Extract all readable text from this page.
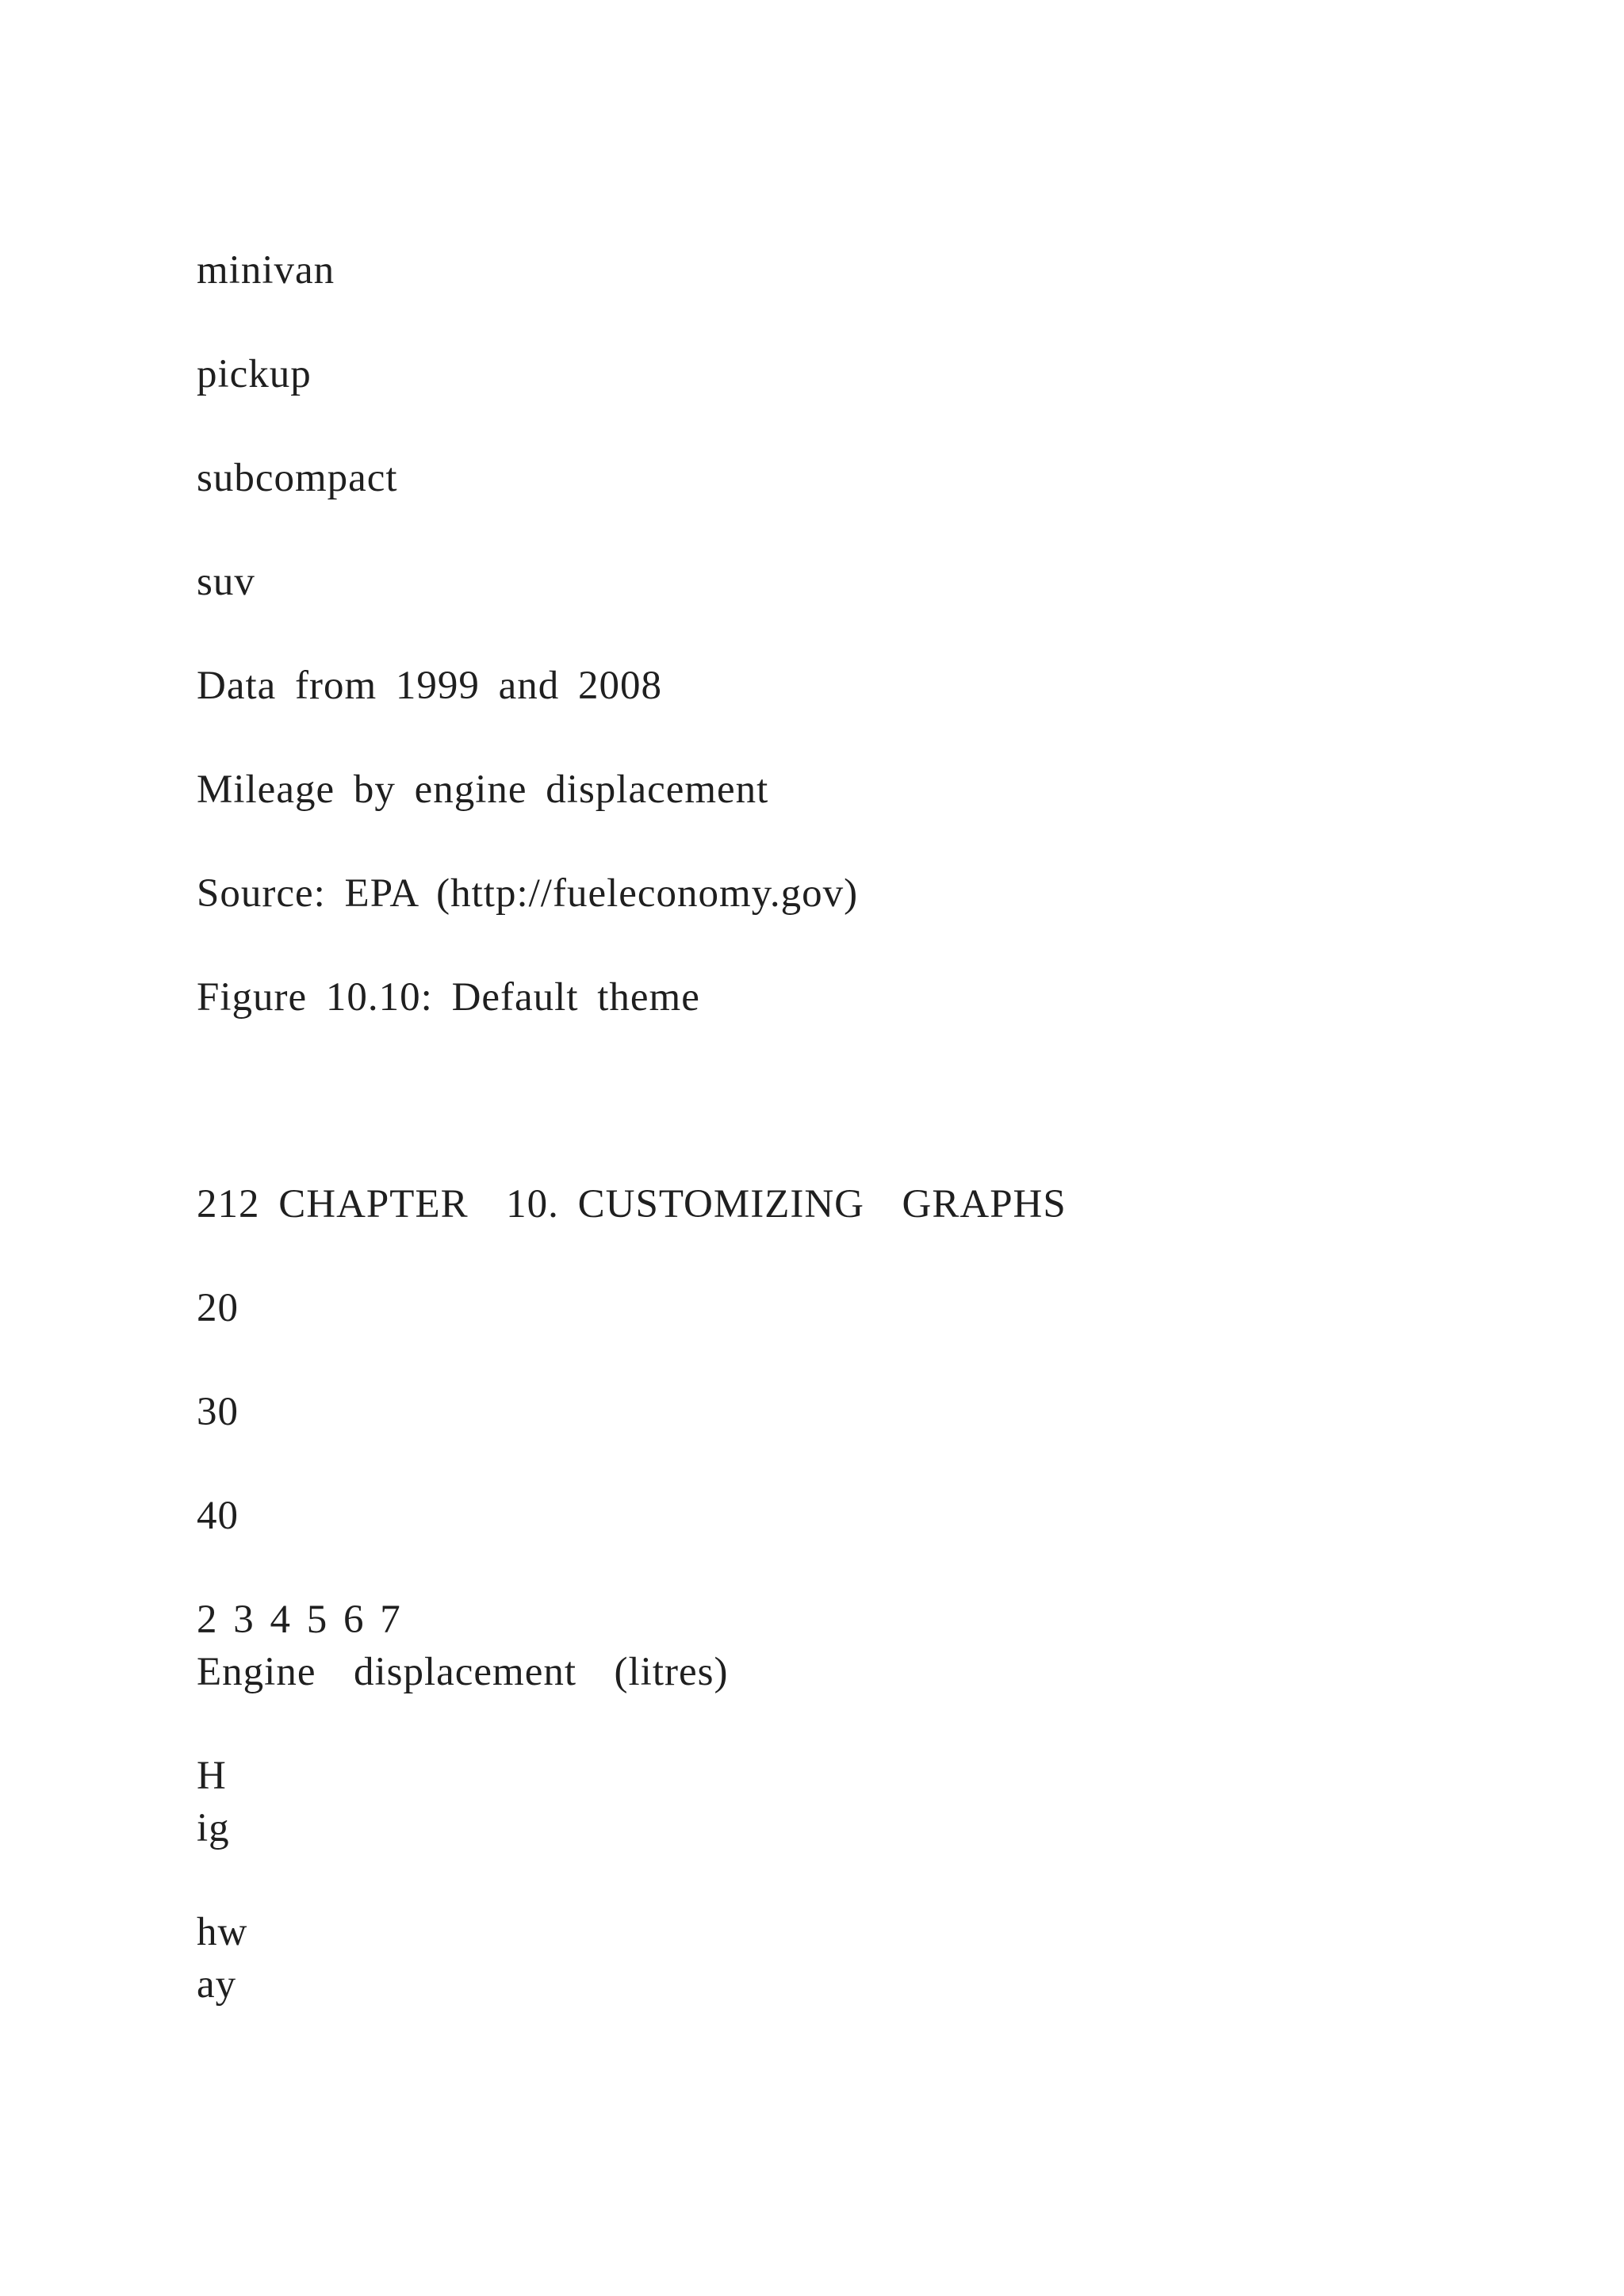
minivan

pickup

subcompact

suv

Data from 1999 and 2008

Mileage by engine displacement

Source: EPA (http://fueleconomy.gov)

Figure 10.10: Default theme

212 CHAPTER  10. CUSTOMIZING  GRAPHS

20

30

40

2 3 4 5 6 7

Engine  displacement  (litres)

H

ig

hw

ay
